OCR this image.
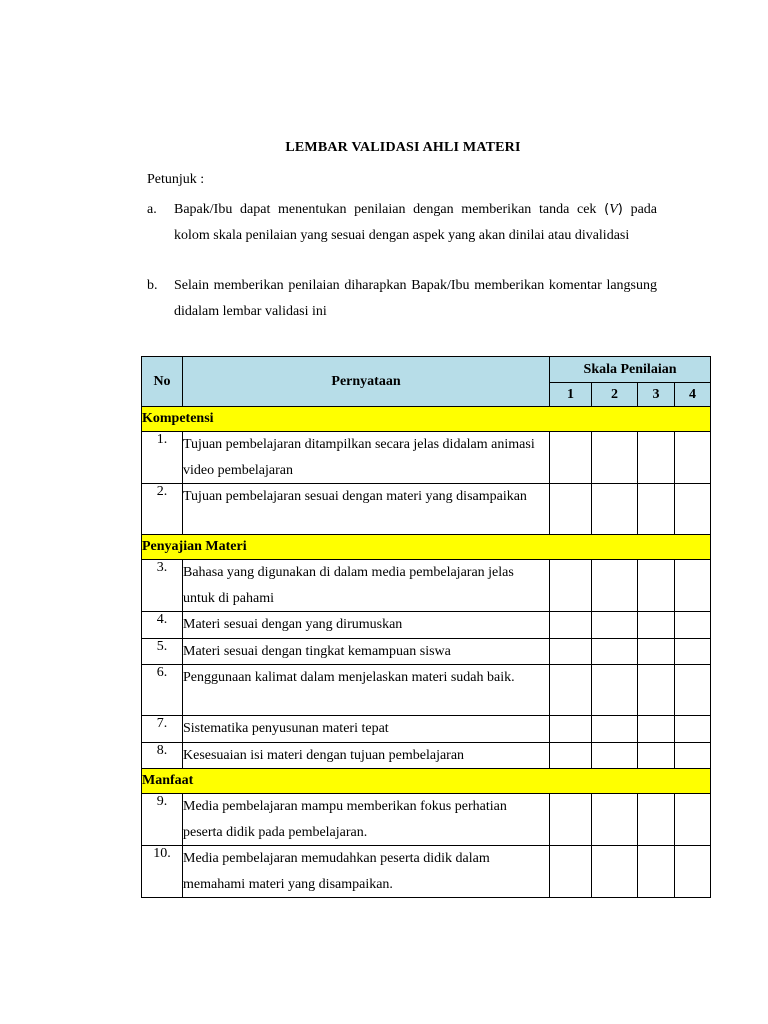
LEMBAR VALIDASI AHLI MATERI
Petunjuk :
a. Bapak/Ibu dapat menentukan penilaian dengan memberikan tanda cek (V) pada kolom skala penilaian yang sesuai dengan aspek yang akan dinilai atau divalidasi
b. Selain memberikan penilaian diharapkan Bapak/Ibu memberikan komentar langsung didalam lembar validasi ini
No	Pernyataan	Skala Penilaian			
		1	2	3	4
Kompetensi					
1.	Tujuan pembelajaran ditampilkan secara jelas didalam animasi video pembelajaran				
2.	Tujuan pembelajaran sesuai dengan materi yang disampaikan				
Penyajian Materi					
3.	Bahasa yang digunakan di dalam media pembelajaran jelas untuk di pahami				
4.	Materi sesuai dengan yang dirumuskan				
5.	Materi sesuai dengan tingkat kemampuan siswa				
6.	Penggunaan kalimat dalam menjelaskan materi sudah baik.				
7.	Sistematika penyusunan materi tepat				
8.	Kesesuaian isi materi dengan tujuan pembelajaran				
Manfaat					
9.	Media pembelajaran mampu memberikan fokus perhatian peserta didik pada pembelajaran.				
10.	Media pembelajaran memudahkan peserta didik dalam memahami materi yang disampaikan.				
